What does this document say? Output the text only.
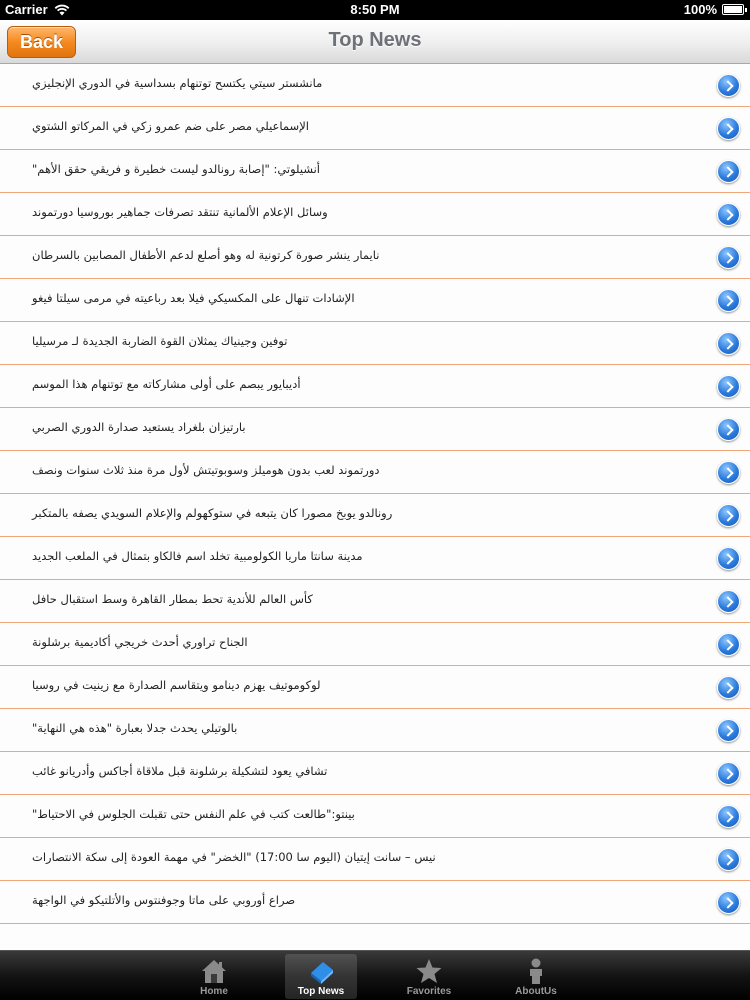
Carrier	8:50 PM	100%
Back	Top News
مانشستر سيتي يكتسح توتنهام بسداسية في الدوري الإنجليزي
الإسماعيلي مصر على ضم عمرو زكي في المركاتو الشتوي
أنشيلوتي: "إصابة رونالدو ليست خطيرة و فريقي حقق الأهم"
وسائل الإعلام الألمانية تنتقد تصرفات جماهير بوروسيا دورتموند
نايمار ينشر صورة كرتونية له وهو أصلع لدعم الأطفال المصابين بالسرطان
الإشادات تنهال على المكسيكي فيلا بعد رباعيته في مرمى سيلتا فيغو
توفين وجينياك يمثلان القوة الضاربة الجديدة لـ مرسيليا
أديبايور يبصم على أولى مشاركاته مع توتنهام هذا الموسم
بارتيزان بلغراد يستعيد صدارة الدوري الصربي
دورتموند لعب بدون هوميلز وسوبوتيتش لأول مرة منذ ثلاث سنوات ونصف
رونالدو يوبخ مصورا كان يتبعه في ستوكهولم والإعلام السويدي يصفه بالمتكبر
مدينة سانتا ماريا الكولومبية تخلد اسم فالكاو بتمثال في الملعب الجديد
كأس العالم للأندية تحط بمطار القاهرة وسط استقبال حافل
الجناح تراوري أحدث خريجي أكاديمية برشلونة
لوكوموتيف يهزم دينامو ويتقاسم الصدارة مع زينيت في روسيا
بالوتيلي يحدث جدلا بعبارة "هذه هي النهاية"
تشافي يعود لتشكيلة برشلونة قبل ملاقاة أجاكس وأدريانو غائب
بينتو:"طالعت كتب في علم النفس حتى تقبلت الجلوس في الاحتياط"
نيس – سانت إيتيان (اليوم سا 17:00) "الخضر" في مهمة العودة إلى سكة الانتصارات
صراع أوروبي على ماتا وجوفنتوس والأتلتيكو في الواجهة
Home	Top News	Favorites	AboutUs
